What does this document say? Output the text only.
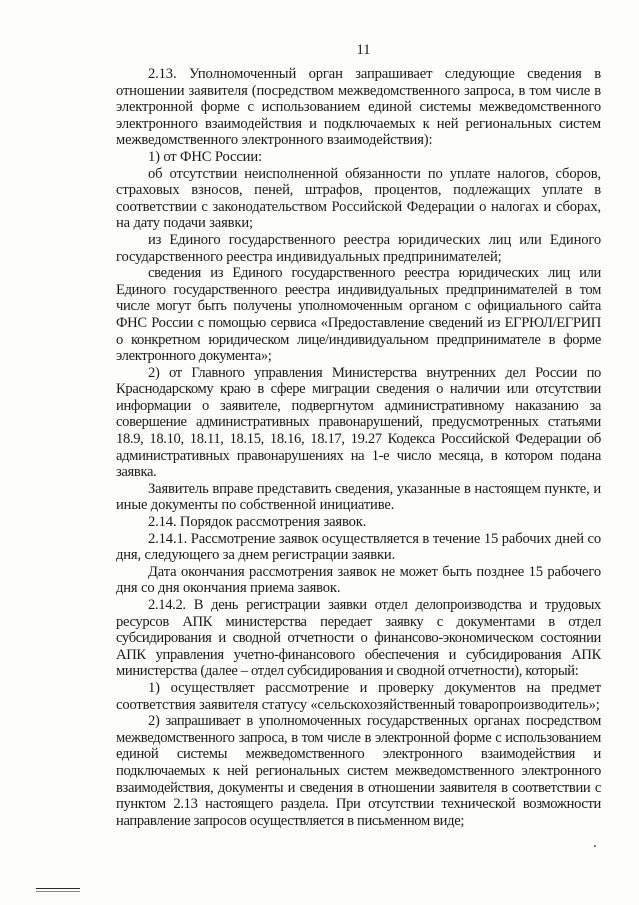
11

2.13. Уполномоченный орган запрашивает следующие сведения в отношении заявителя (посредством межведомственного запроса, в том числе в электронной форме с использованием единой системы межведомственного электронного взаимодействия и подключаемых к ней региональных систем межведомственного электронного взаимодействия):

1) от ФНС России:

об отсутствии неисполненной обязанности по уплате налогов, сборов, страховых взносов, пеней, штрафов, процентов, подлежащих уплате в соответствии с законодательством Российской Федерации о налогах и сборах, на дату подачи заявки;

из Единого государственного реестра юридических лиц или Единого государственного реестра индивидуальных предпринимателей;

сведения из Единого государственного реестра юридических лиц или Единого государственного реестра индивидуальных предпринимателей в том числе могут быть получены уполномоченным органом с официального сайта ФНС России с помощью сервиса «Предоставление сведений из ЕГРЮЛ/ЕГРИП о конкретном юридическом лице/индивидуальном предпринимателе в форме электронного документа»;

2) от Главного управления Министерства внутренних дел России по Краснодарскому краю в сфере миграции сведения о наличии или отсутствии информации о заявителе, подвергнутом административному наказанию за совершение административных правонарушений, предусмотренных статьями 18.9, 18.10, 18.11, 18.15, 18.16, 18.17, 19.27 Кодекса Российской Федерации об административных правонарушениях на 1-е число месяца, в котором подана заявка.

Заявитель вправе представить сведения, указанные в настоящем пункте, и иные документы по собственной инициативе.

2.14. Порядок рассмотрения заявок.

2.14.1. Рассмотрение заявок осуществляется в течение 15 рабочих дней со дня, следующего за днем регистрации заявки.

Дата окончания рассмотрения заявок не может быть позднее 15 рабочего дня со дня окончания приема заявок.

2.14.2. В день регистрации заявки отдел делопроизводства и трудовых ресурсов АПК министерства передает заявку с документами в отдел субсидирования и сводной отчетности о финансово-экономическом состоянии АПК управления учетно-финансового обеспечения и субсидирования АПК министерства (далее – отдел субсидирования и сводной отчетности), который:

1) осуществляет рассмотрение и проверку документов на предмет соответствия заявителя статусу «сельскохозяйственный товаропроизводитель»;

2) запрашивает в уполномоченных государственных органах посредством межведомственного запроса, в том числе в электронной форме с использованием единой системы межведомственного электронного взаимодействия и подключаемых к ней региональных систем межведомственного электронного взаимодействия, документы и сведения в отношении заявителя в соответствии с пунктом 2.13 настоящего раздела. При отсутствии технической возможности направление запросов осуществляется в письменном виде;
